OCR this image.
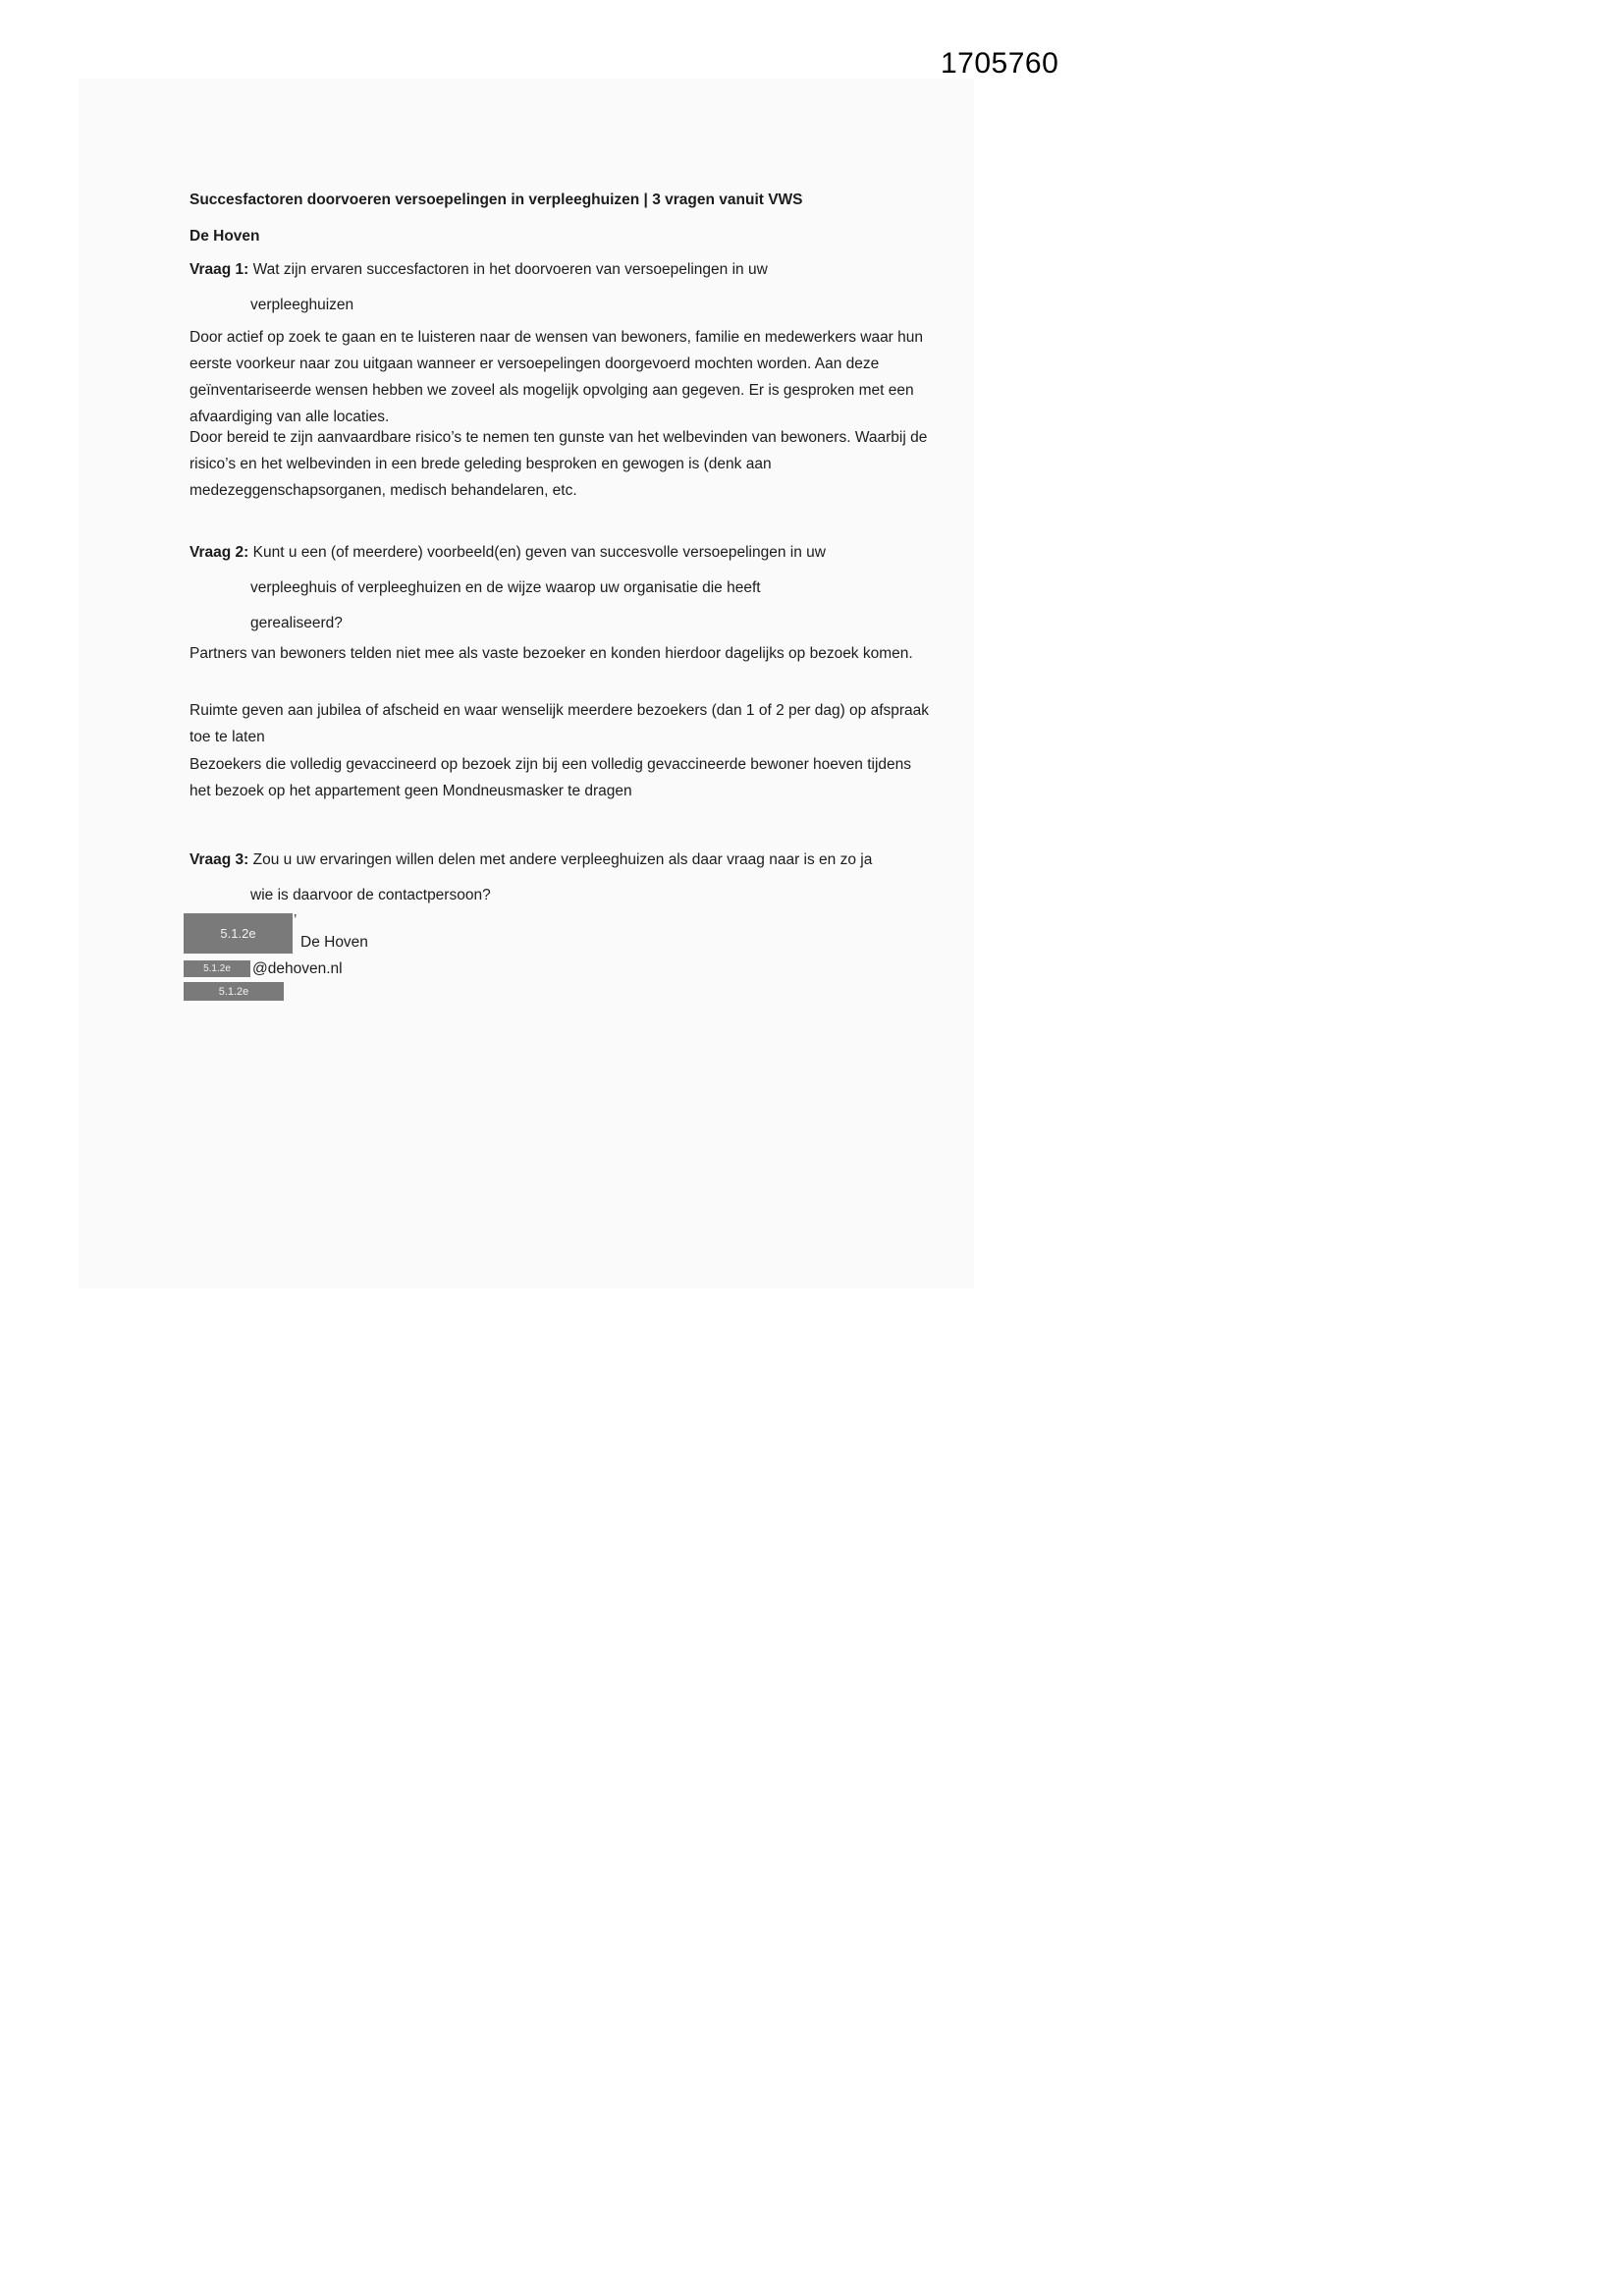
1705760
Succesfactoren doorvoeren versoepelingen in verpleeghuizen | 3 vragen vanuit VWS
De Hoven
Vraag 1: Wat zijn ervaren succesfactoren in het doorvoeren van versoepelingen in uw
verpleeghuizen
Door actief op zoek te gaan en te luisteren naar de wensen van bewoners, familie en medewerkers waar hun eerste voorkeur naar zou uitgaan wanneer er versoepelingen doorgevoerd mochten worden. Aan deze geïnventariseerde wensen hebben we zoveel als mogelijk opvolging aan gegeven. Er is gesproken met een afvaardiging van alle locaties.
Door bereid te zijn aanvaardbare risico’s te nemen ten gunste van het welbevinden van bewoners. Waarbij de risico’s en het welbevinden in een brede geleding besproken en gewogen is (denk aan medezeggenschapsorganen, medisch behandelaren, etc.
Vraag 2: Kunt u een (of meerdere) voorbeeld(en) geven van succesvolle versoepelingen in uw
verpleeghuis of verpleeghuizen en de wijze waarop uw organisatie die heeft
gerealiseerd?
Partners van bewoners telden niet mee als vaste bezoeker en konden hierdoor dagelijks op bezoek komen.
Ruimte geven aan jubilea of afscheid en waar wenselijk meerdere bezoekers (dan 1 of 2 per dag) op afspraak toe te laten
Bezoekers die volledig gevaccineerd op bezoek zijn bij een volledig gevaccineerde bewoner hoeven tijdens het bezoek op het appartement geen Mondneusmasker te dragen
Vraag 3: Zou u uw ervaringen willen delen met andere verpleeghuizen als daar vraag naar is en zo ja
wie is daarvoor de contactpersoon?
5.1.2e
’
De Hoven
5.1.2e	@dehoven.nl
5.1.2e
